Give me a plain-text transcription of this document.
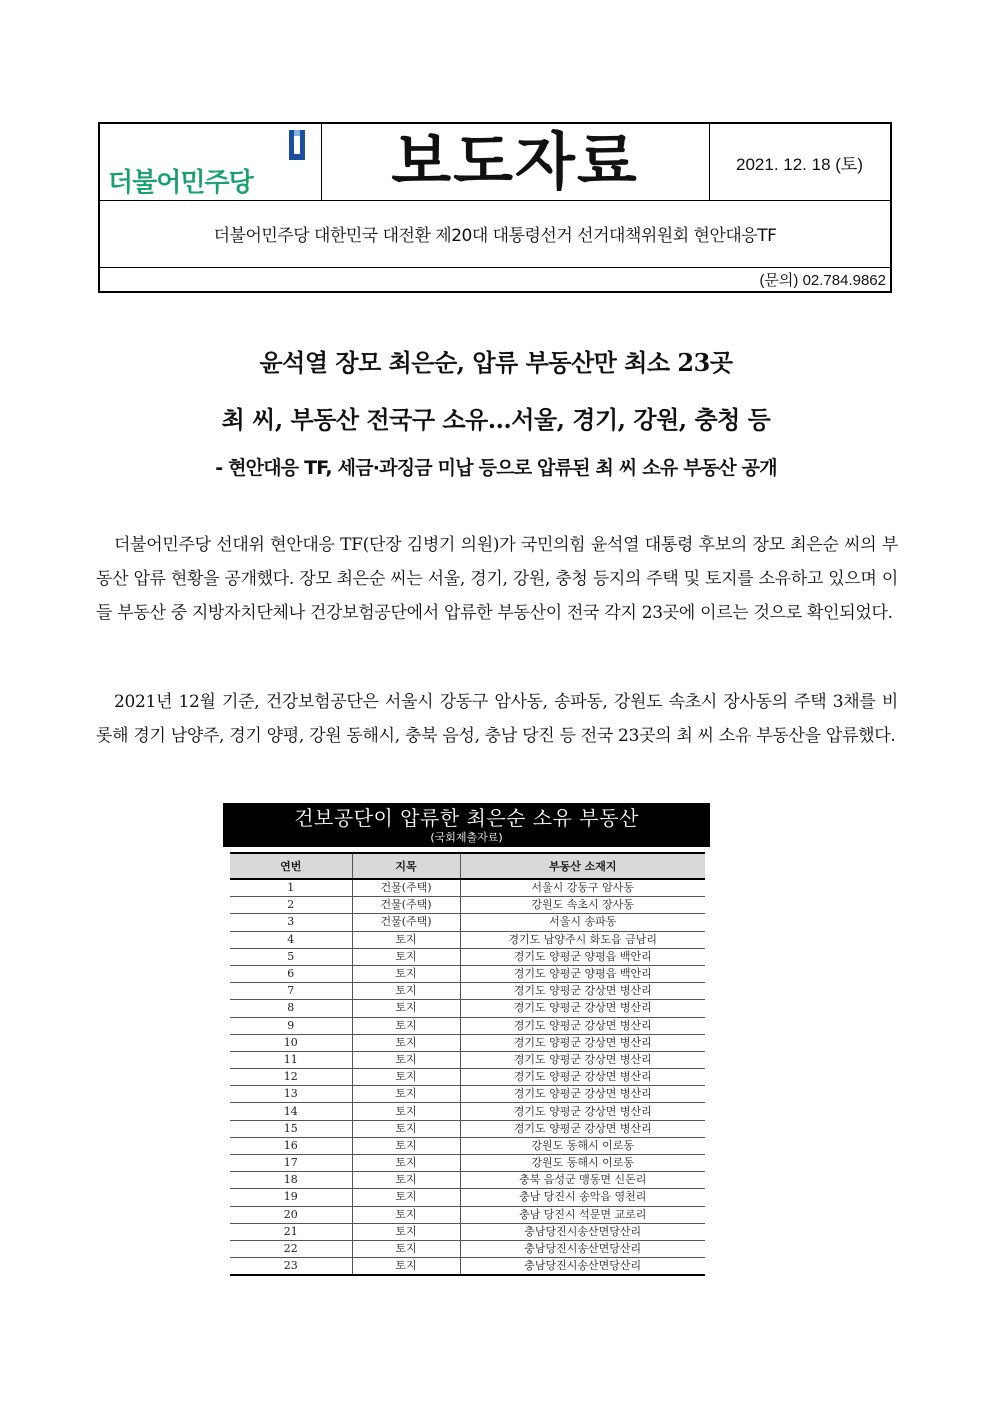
더불어민주당 보도자료	2021. 12. 18 (토)
더불어민주당 대한민국 대전환 제20대 대통령선거 선거대책위원회 현안대응TF
(문의) 02.784.9862
윤석열 장모 최은순, 압류 부동산만 최소 23곳
최 씨, 부동산 전국구 소유…서울, 경기, 강원, 충청 등
- 현안대응 TF, 세금·과징금 미납 등으로 압류된 최 씨 소유 부동산 공개

더불어민주당 선대위 현안대응 TF(단장 김병기 의원)가 국민의힘 윤석열 대통령 후보의 장모 최은순 씨의 부동산 압류 현황을 공개했다. 장모 최은순 씨는 서울, 경기, 강원, 충청 등지의 주택 및 토지를 소유하고 있으며 이들 부동산 중 지방자치단체나 건강보험공단에서 압류한 부동산이 전국 각지 23곳에 이르는 것으로 확인되었다.

2021년 12월 기준, 건강보험공단은 서울시 강동구 암사동, 송파동, 강원도 속초시 장사동의 주택 3채를 비롯해 경기 남양주, 경기 양평, 강원 동해시, 충북 음성, 충남 당진 등 전국 23곳의 최 씨 소유 부동산을 압류했다.

건보공단이 압류한 최은순 소유 부동산
(국회제출자료)
연번	지목	부동산 소재지
1	건물(주택)	서울시 강동구 암사동
2	건물(주택)	강원도 속초시 장사동
3	건물(주택)	서울시 송파동
4	토지	경기도 남양주시 화도읍 금남리
5	토지	경기도 양평군 양평읍 백안리
6	토지	경기도 양평군 양평읍 백안리
7	토지	경기도 양평군 강상면 병산리
8	토지	경기도 양평군 강상면 병산리
9	토지	경기도 양평군 강상면 병산리
10	토지	경기도 양평군 강상면 병산리
11	토지	경기도 양평군 강상면 병산리
12	토지	경기도 양평군 강상면 병산리
13	토지	경기도 양평군 강상면 병산리
14	토지	경기도 양평군 강상면 병산리
15	토지	경기도 양평군 강상면 병산리
16	토지	강원도 동해시 이로동
17	토지	강원도 동해시 이로동
18	토지	충북 음성군 맹동면 신돈리
19	토지	충남 당진시 송악읍 영천리
20	토지	충남 당진시 석문면 교로리
21	토지	충남당진시송산면당산리
22	토지	충남당진시송산면당산리
23	토지	충남당진시송산면당산리
